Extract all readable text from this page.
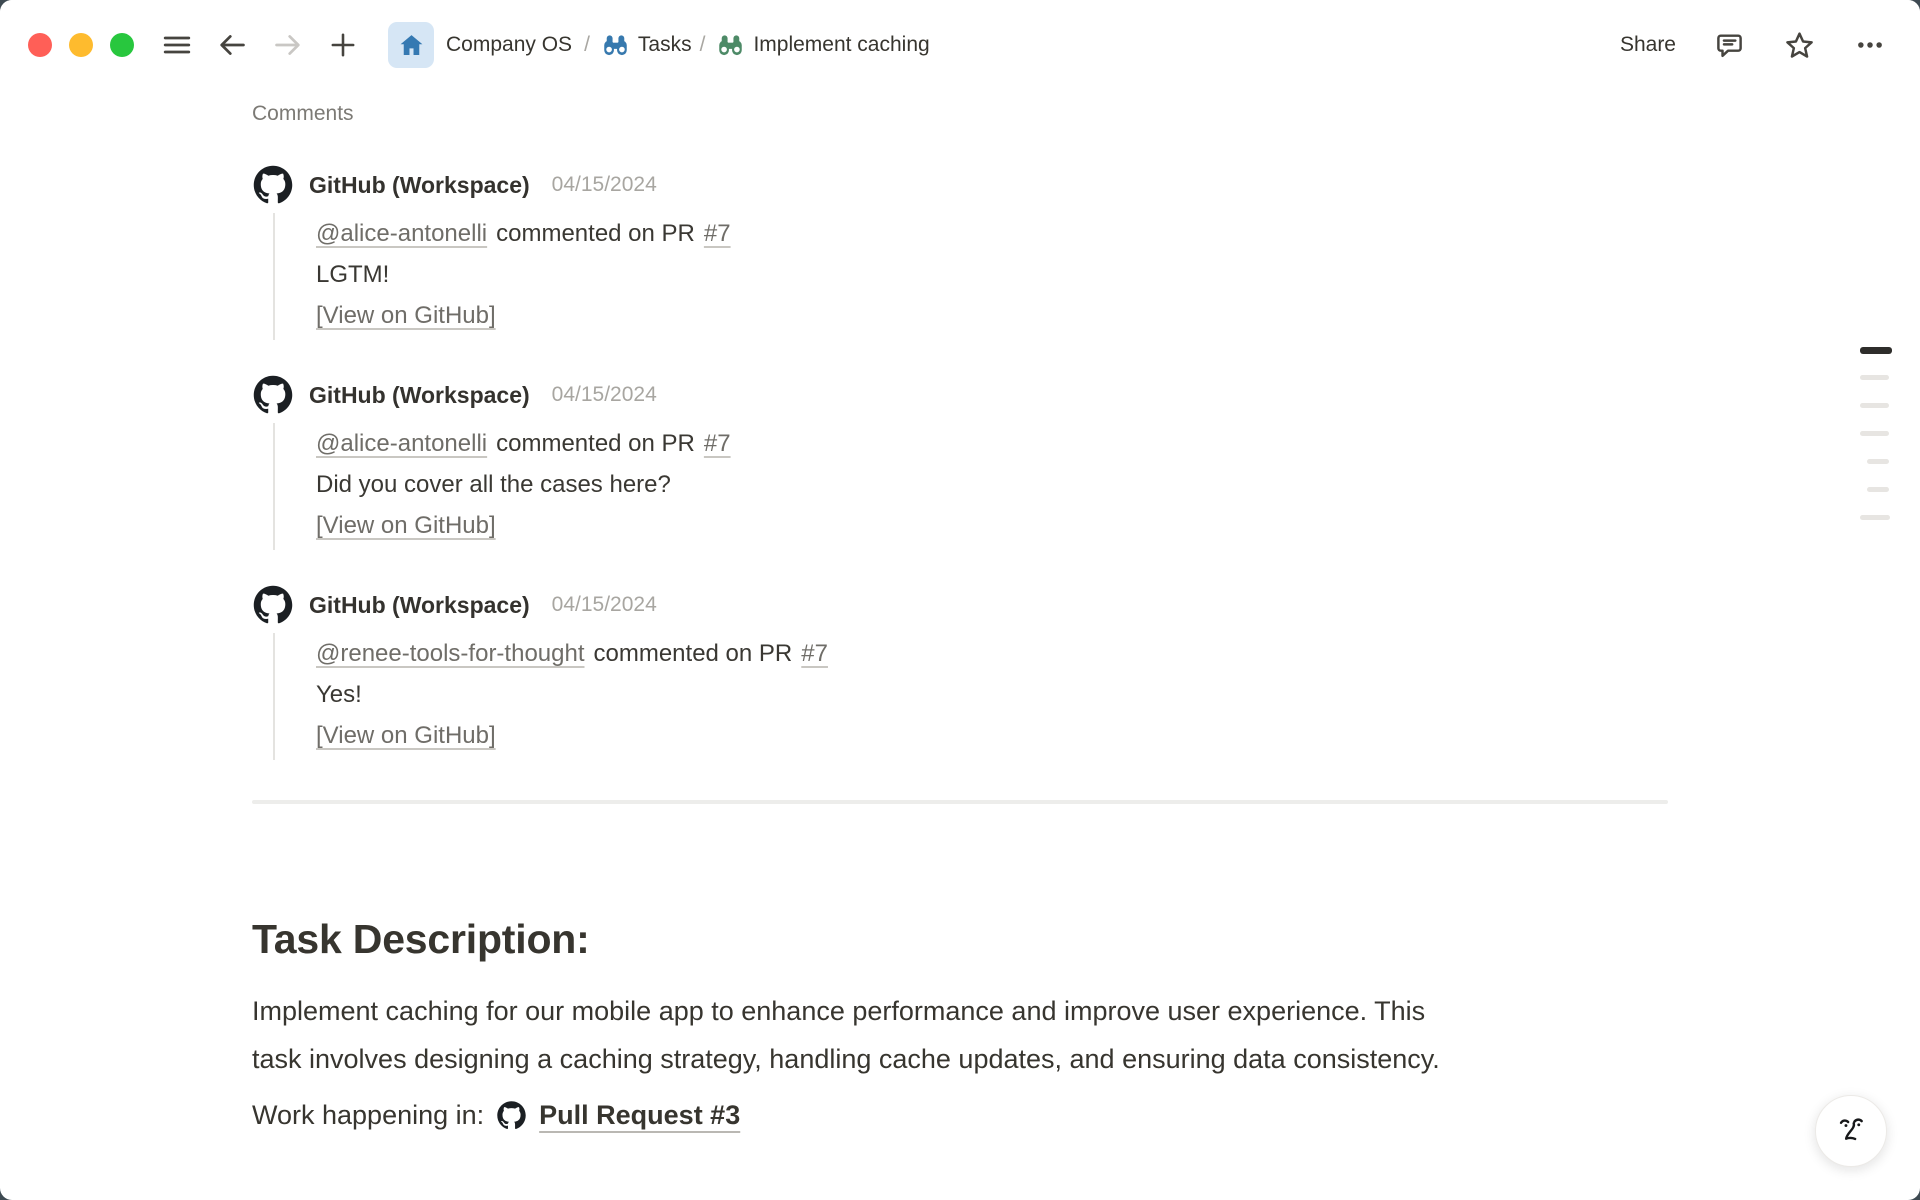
Company OS /	Tasks /	Implement caching	Share
Comments
GitHub (Workspace) 04/15/2024
@alice-antonelli commented on PR #7
LGTM!
[View on GitHub]
GitHub (Workspace) 04/15/2024
@alice-antonelli commented on PR #7
Did you cover all the cases here?
[View on GitHub]
GitHub (Workspace) 04/15/2024
@renee-tools-for-thought commented on PR #7
Yes!
[View on GitHub]
Task Description:

Implement caching for our mobile app to enhance performance and improve user experience. This task involves designing a caching strategy, handling cache updates, and ensuring data consistency.

Work happening in: Pull Request #3
